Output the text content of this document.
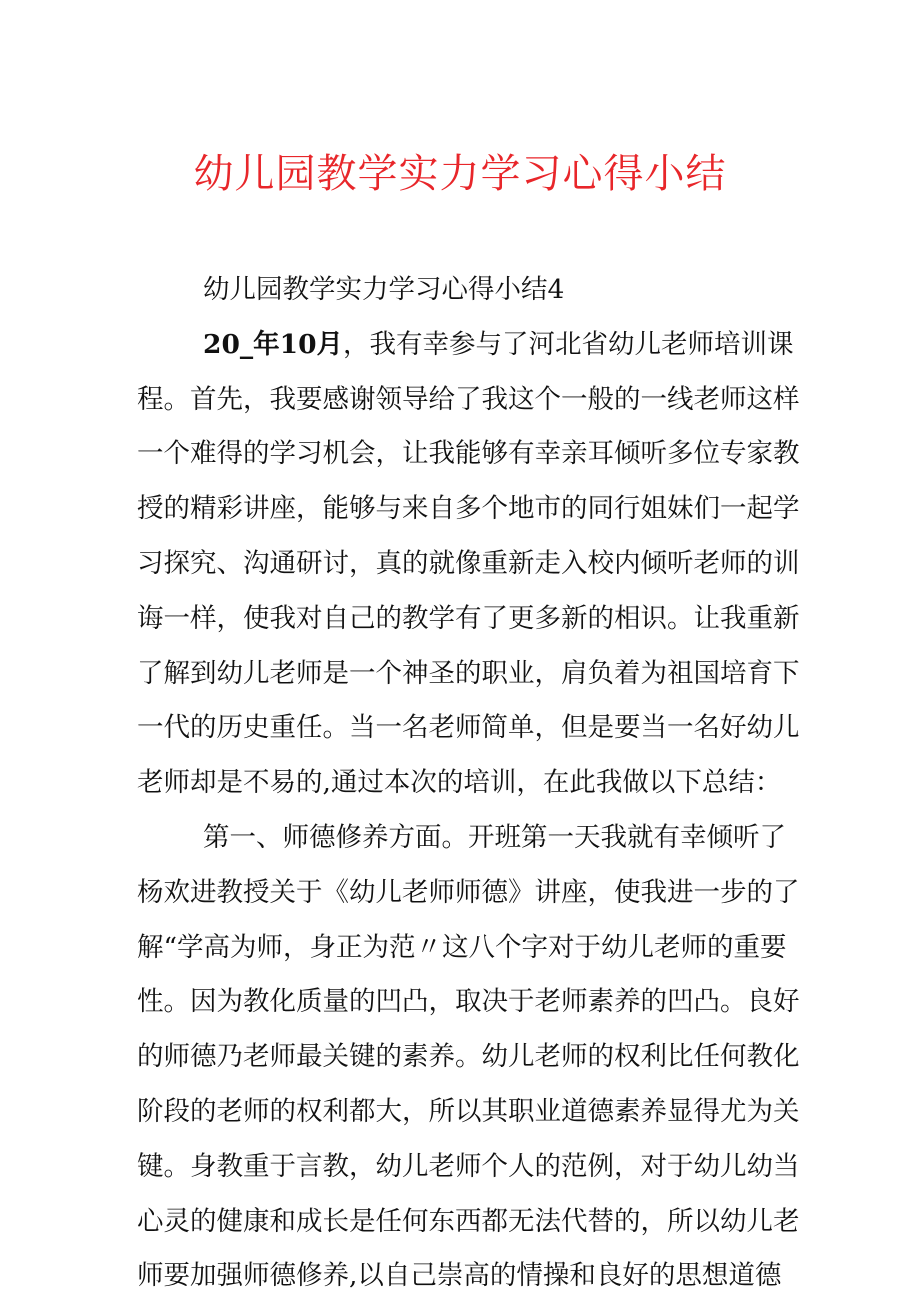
幼儿园教学实力学习心得小结
幼儿园教学实力学习心得小结4
20_年10月，我有幸参与了河北省幼儿老师培训课
程。首先，我要感谢领导给了我这个一般的一线老师这样
一个难得的学习机会，让我能够有幸亲耳倾听多位专家教
授的精彩讲座，能够与来自多个地市的同行姐妹们一起学
习探究、沟通研讨，真的就像重新走入校内倾听老师的训
诲一样，使我对自己的教学有了更多新的相识。让我重新
了解到幼儿老师是一个神圣的职业，肩负着为祖国培育下
一代的历史重任。当一名老师简单，但是要当一名好幼儿
老师却是不易的,通过本次的培训，在此我做以下总结：
第一、师德修养方面。开班第一天我就有幸倾听了
杨欢进教授关于《幼儿老师师德》讲座，使我进一步的了
解“学高为师，身正为范〃这八个字对于幼儿老师的重要
性。因为教化质量的凹凸，取决于老师素养的凹凸。良好
的师德乃老师最关键的素养。幼儿老师的权利比任何教化
阶段的老师的权利都大，所以其职业道德素养显得尤为关
键。身教重于言教，幼儿老师个人的范例，对于幼儿幼当
心灵的健康和成长是任何东西都无法代替的，所以幼儿老
师要加强师德修养,以自己崇高的情操和良好的思想道德
